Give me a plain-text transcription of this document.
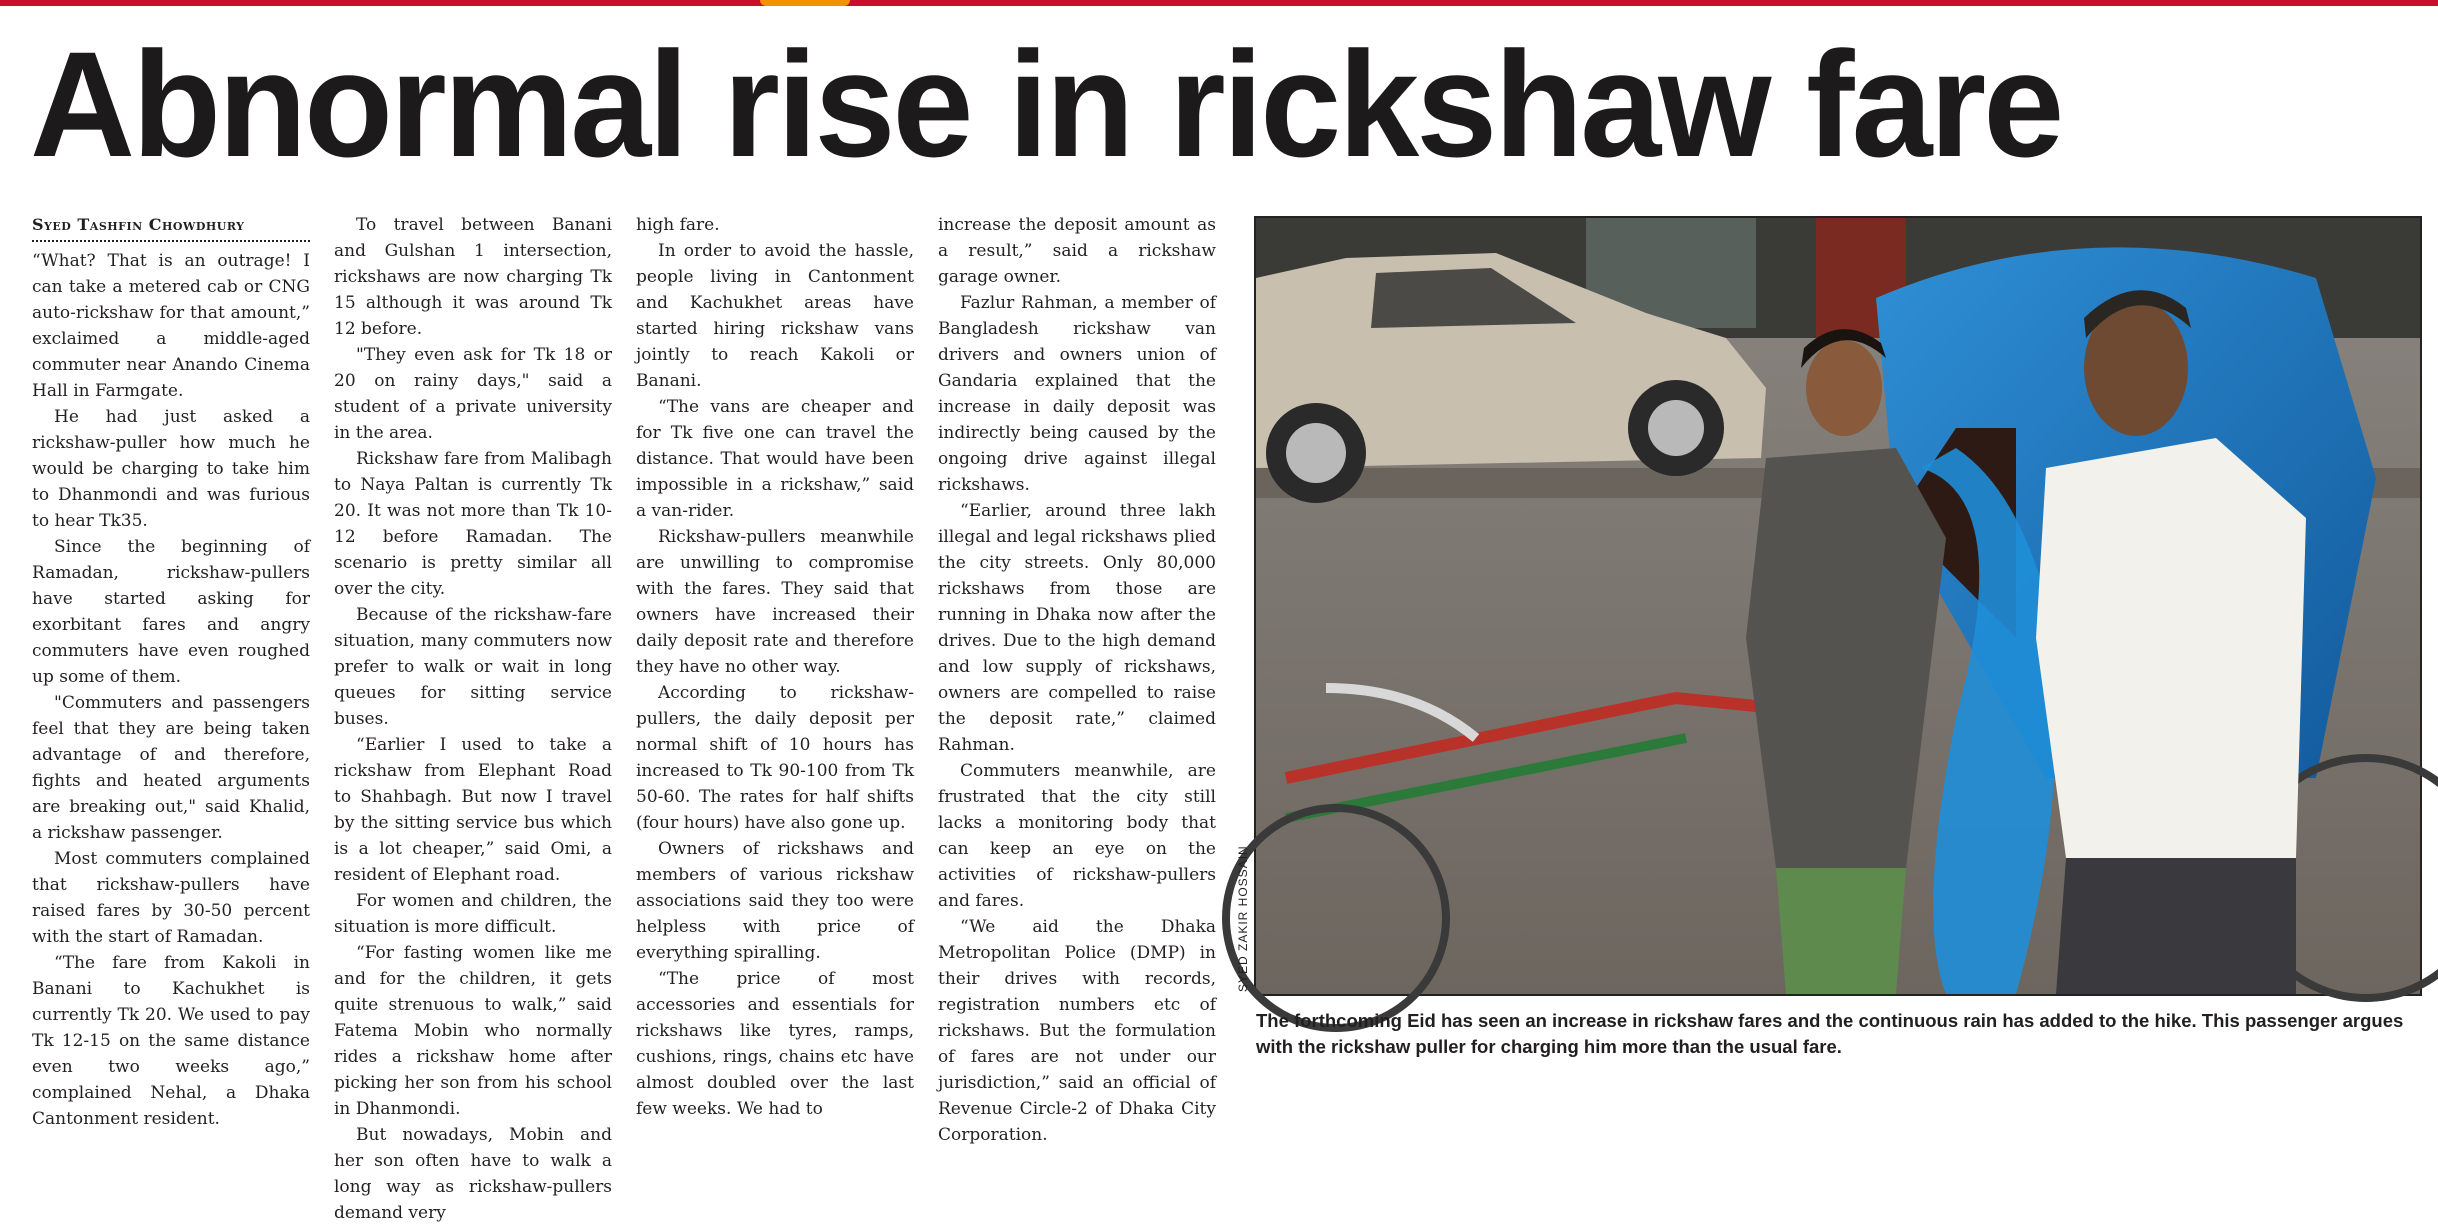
Abnormal rise in rickshaw fare

Syed Tashfin Chowdhury

“What? That is an outrage! I can take a metered cab or CNG auto-rickshaw for that amount,” exclaimed a middle-aged commuter near Anando Cinema Hall in Farmgate.

He had just asked a rickshaw-puller how much he would be charging to take him to Dhanmondi and was furious to hear Tk35.

Since the beginning of Ramadan, rickshaw-pullers have started asking for exorbitant fares and angry commuters have even roughed up some of them.

"Commuters and passengers feel that they are being taken advantage of and therefore, fights and heated arguments are breaking out," said Khalid, a rickshaw passenger.

Most commuters complained that rickshaw-pullers have raised fares by 30-50 percent with the start of Ramadan.

“The fare from Kakoli in Banani to Kachukhet is currently Tk 20. We used to pay Tk 12-15 on the same distance even two weeks ago,” complained Nehal, a Dhaka Cantonment resident.

To travel between Banani and Gulshan 1 intersection, rickshaws are now charging Tk 15 although it was around Tk 12 before.

"They even ask for Tk 18 or 20 on rainy days," said a student of a private university in the area.

Rickshaw fare from Malibagh to Naya Paltan is currently Tk 20. It was not more than Tk 10-12 before Ramadan. The scenario is pretty similar all over the city.

Because of the rickshaw-fare situation, many commuters now prefer to walk or wait in long queues for sitting service buses.

“Earlier I used to take a rickshaw from Elephant Road to Shahbagh. But now I travel by the sitting service bus which is a lot cheaper,” said Omi, a resident of Elephant road.

For women and children, the situation is more difficult.

“For fasting women like me and for the children, it gets quite strenuous to walk,” said Fatema Mobin who normally rides a rickshaw home after picking her son from his school in Dhanmondi.

But nowadays, Mobin and her son often have to walk a long way as rickshaw-pullers demand very

high fare.

In order to avoid the hassle, people living in Cantonment and Kachukhet areas have started hiring rickshaw vans jointly to reach Kakoli or Banani.

“The vans are cheaper and for Tk five one can travel the distance. That would have been impossible in a rickshaw,” said a van-rider.

Rickshaw-pullers meanwhile are unwilling to compromise with the fares. They said that owners have increased their daily deposit rate and therefore they have no other way.

According to rickshaw-pullers, the daily deposit per normal shift of 10 hours has increased to Tk 90-100 from Tk 50-60. The rates for half shifts (four hours) have also gone up.

Owners of rickshaws and members of various rickshaw associations said they too were helpless with price of everything spiralling.

“The price of most accessories and essentials for rickshaws like tyres, ramps, cushions, rings, chains etc have almost doubled over the last few weeks. We had to

increase the deposit amount as a result,” said a rickshaw garage owner.

Fazlur Rahman, a member of Bangladesh rickshaw van drivers and owners union of Gandaria explained that the increase in daily deposit was indirectly being caused by the ongoing drive against illegal rickshaws.

“Earlier, around three lakh illegal and legal rickshaws plied the city streets. Only 80,000 rickshaws from those are running in Dhaka now after the drives. Due to the high demand and low supply of rickshaws, owners are compelled to raise the deposit rate,” claimed Rahman.

Commuters meanwhile, are frustrated that the city still lacks a monitoring body that can keep an eye on the activities of rickshaw-pullers and fares.

“We aid the Dhaka Metropolitan Police (DMP) in their drives with records, registration numbers etc of rickshaws. But the formulation of fares are not under our jurisdiction,” said an official of Revenue Circle-2 of Dhaka City Corporation.

SYED ZAKIR HOSSAIN

The forthcoming Eid has seen an increase in rickshaw fares and the continuous rain has added to the hike. This passenger argues with the rickshaw puller for charging him more than the usual fare.
